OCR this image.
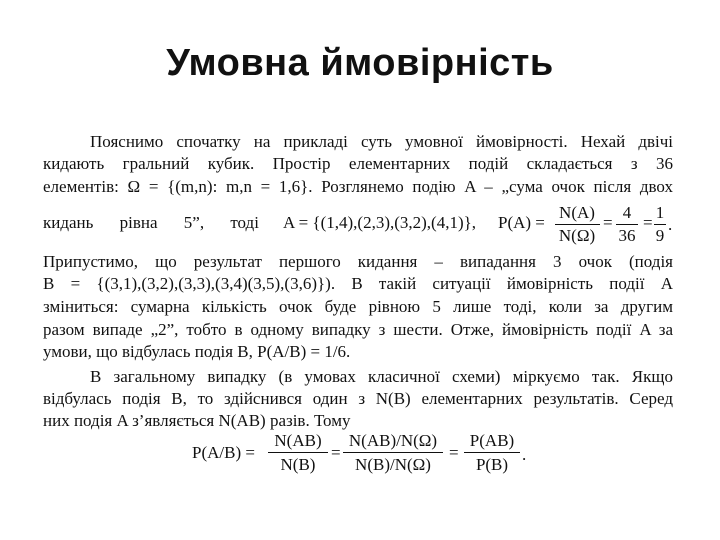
Умовна ймовірність
Пояснимо спочатку на прикладі суть умовної ймовірності. Нехай двічі
кидають гральний кубик. Простір елементарних подій складається з 36
елементів: Ω = {(m,n): m,n = 1,6}. Розглянемо подію A – „сума очок після двох
кидань рівна 5”, тоді A = {(1,4),(2,3),(3,2),(4,1)}, P(A) =
N(A)
N(Ω)
=
4
36
=
1
9
.
Припустимо, що результат першого кидання – випадання 3 очок (подія
B = {(3,1),(3,2),(3,3),(3,4)(3,5),(3,6)}). В такій ситуації ймовірність події A
зміниться: сумарна кількість очок буде рівною 5 лише тоді, коли за другим
разом випаде „2”, тобто в одному випадку з шести. Отже, ймовірність події A за
умови, що відбулась подія B, P(A/B) = 1/6.
В загальному випадку (в умовах класичної схеми) міркуємо так. Якщо
відбулась подія B, то здійснився один з N(B) елементарних результатів. Серед
них подія A з’являється N(AB) разів. Тому
P(A/B) =
N(AB)
N(B)
=
N(AB)/N(Ω)
N(B)/N(Ω)
=
P(AB)
P(B)
.
